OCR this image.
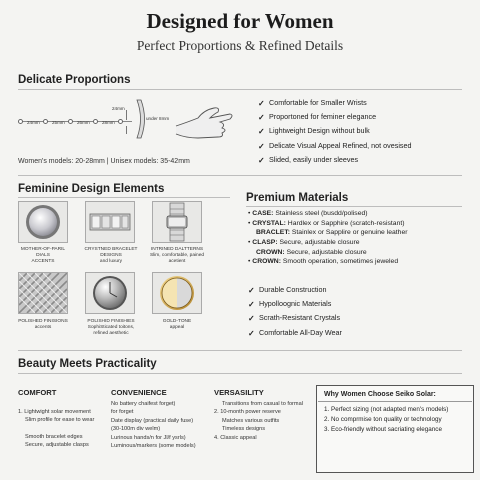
Designed for Women
Perfect Proportions & Refined Details
Delicate Proportions
24mm	25mm	26mm	28mm
24mm
under 8mm
Women's models: 20-28mm | Unisex models: 35-42mm
✓ Comfortable for Smaller Wrists
✓ Proportoned for feminer elegance
✓ Lightweight Design without bulk
✓ Delicate Visual Appeal Refined, not ovesised
✓ Slided, easily under sleeves
Feminine Design Elements
MOTHER-OF-PARIL DIALS
ACCENTS
CRYSTNED BRACELET DESIGNS
and luxury
INTRINED DALTTERNS
Slim, comfortable, pained acetient
POLISHED FINISIONS
accents
POLISHID FINISHIES
SophiSticated toitons, refined aesthetic
GOLD-TONE
appeal
Premium Materials
• CASE: Stainless steel (busdd/polised)
• CRYSTAL: Hardlex or Sapphire (scratch-resistant)
BRACLET: Stainlex or Sapplire or genuine leather
• CLASP: Secure, adjustable closure
CROWN: Secure, adjustable closure
• CROWN: Smooth operation, sometimes jeweled
✓ Durable Construction
✓ Hypolloognic Materials
✓ Scrath-Resistant Crystals
✓ Comfortable All-Day Wear
Beauty Meets Practicality
COMFORT
1. Lightwight solar movement
Slim profile for ease to wear
Smooth bracelet edges
Secure, adjustable clasps
CONVENIENCE
No battery chaifest forget)
for forget
Date display (practical daily fuse)
(30-100m div welm)
Lurinous hands/n for Jl/f ysrls)
Luminous/markers (some models)
VERSASILITY
Transitions from casual to formal
2. 10-month power reserve
Matches various outfits
Timeless designs
4. Classic appeal
Why Women Choose Seiko Solar:
1. Perfect sizing (not adapted men's models)
2. No comprmise ton quality or technology
3. Eco-friendly without sacriating elegance
